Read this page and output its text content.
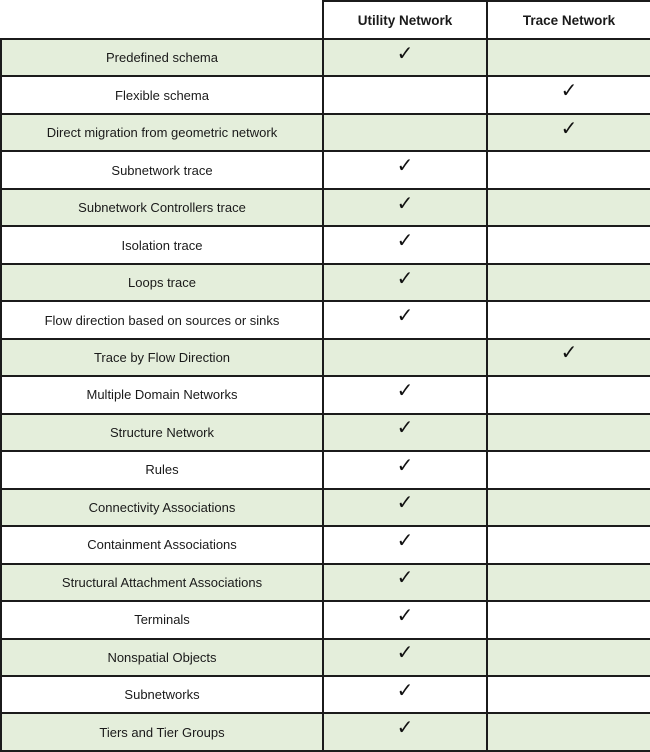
	Utility Network	Trace Network
Predefined schema	✓	
Flexible schema		✓
Direct migration from geometric network		✓
Subnetwork trace	✓	
Subnetwork Controllers trace	✓	
Isolation trace	✓	
Loops trace	✓	
Flow direction based on sources or sinks	✓	
Trace by Flow Direction		✓
Multiple Domain Networks	✓	
Structure Network	✓	
Rules	✓	
Connectivity Associations	✓	
Containment Associations	✓	
Structural Attachment Associations	✓	
Terminals	✓	
Nonspatial Objects	✓	
Subnetworks	✓	
Tiers and Tier Groups	✓	
